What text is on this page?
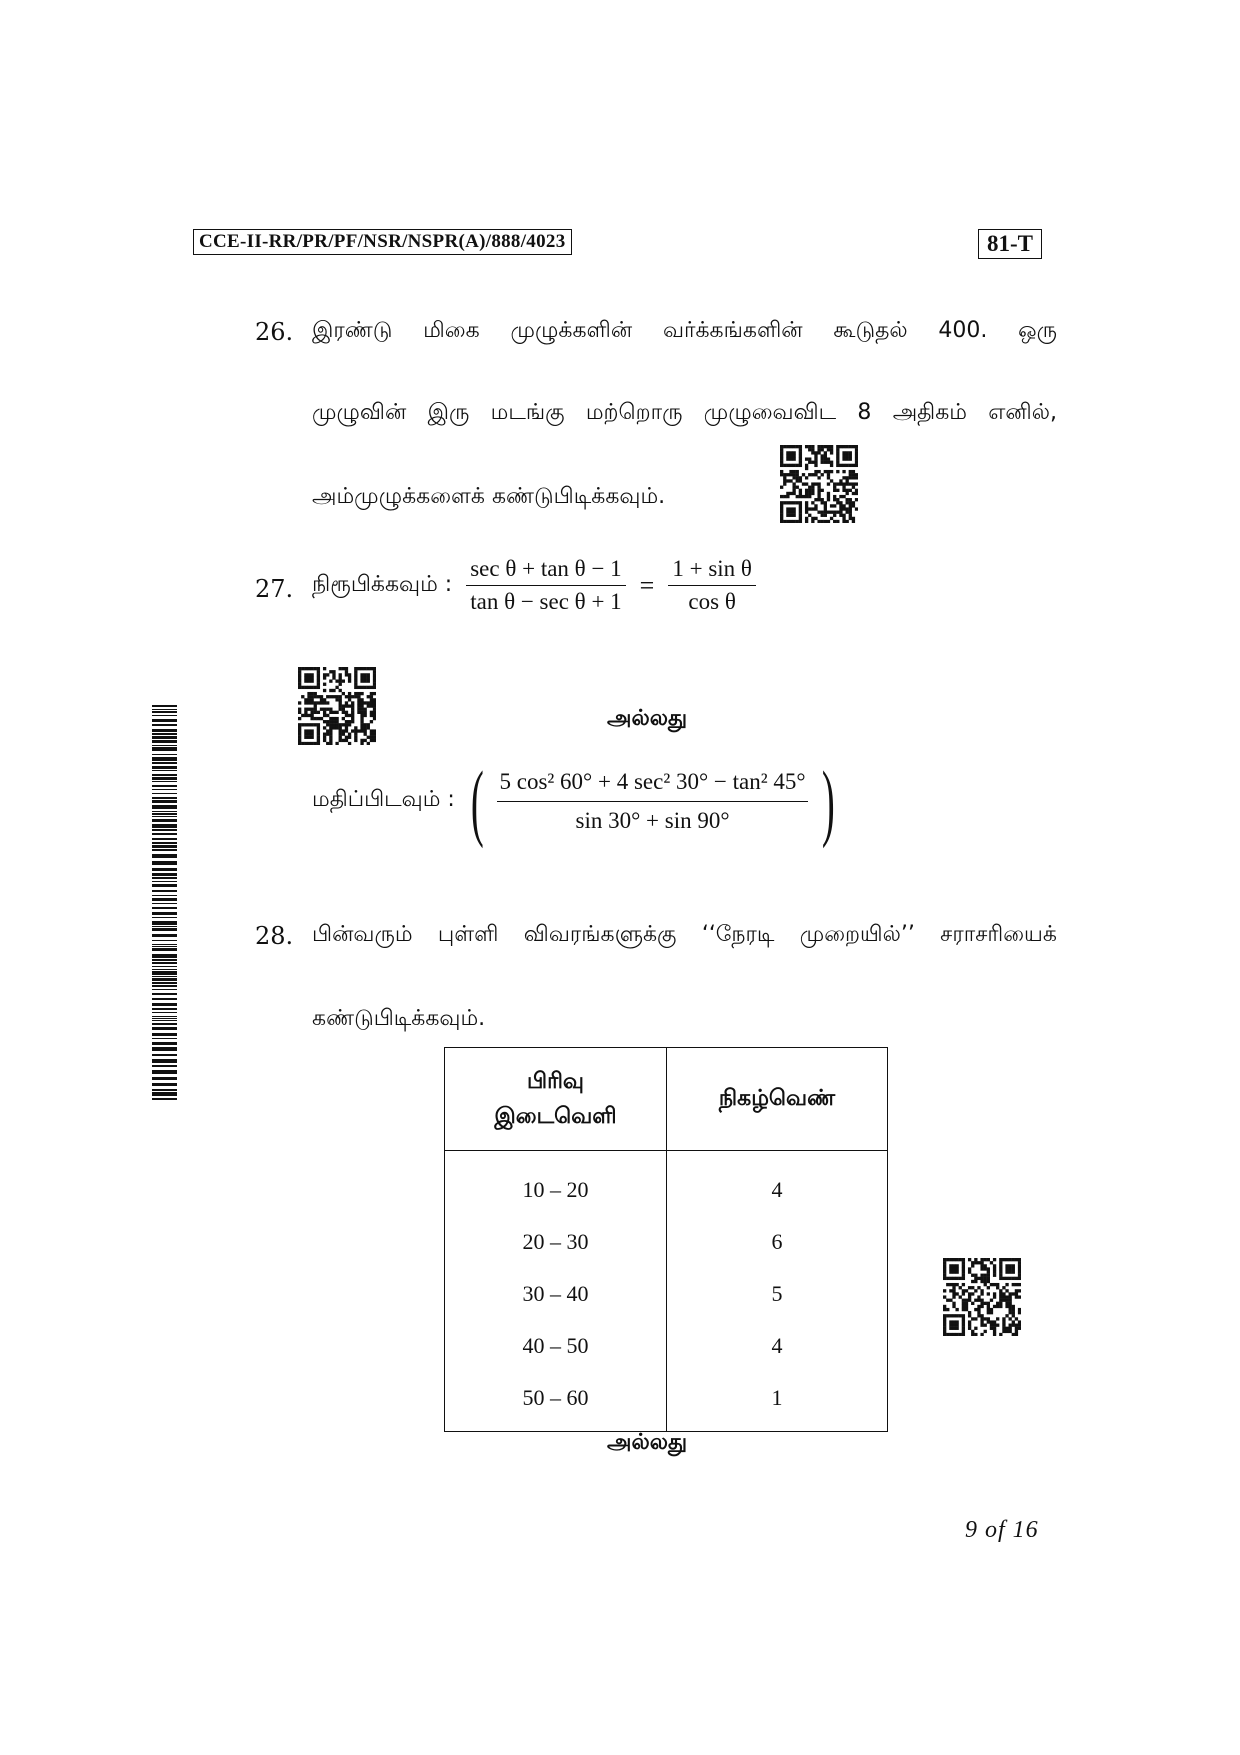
CCE-II-RR/PR/PF/NSR/NSPR(A)/888/4023	81-T
26. இரண்டு மிகை முழுக்களின் வர்க்கங்களின் கூடுதல் 400. ஒரு
முழுவின் இரு மடங்கு மற்றொரு முழுவைவிட 8 அதிகம் எனில்,
அம்முழுக்களைக் கண்டுபிடிக்கவும்.
27. நிரூபிக்கவும் : $\frac{\text{sec θ + tan θ − 1}}{\text{tan θ − sec θ + 1}} = \frac{\text{1 + sin θ}}{\text{cos θ}}$
அல்லது
மதிப்பிடவும் : ( $\frac{\text{5 cos² 60° + 4 sec² 30° − tan² 45°}}{\sin 30^\circ + \sin 90^\circ}$ )
28. பின்வரும் புள்ளி விவரங்களுக்கு ‘‘நேரடி முறையில்’’ சராசரியைக்
கண்டுபிடிக்கவும்.
பிரிவு
இடைவெளி	நிகழ்வெண்
10 – 20	4
20 – 30	6
30 – 40	5
40 – 50	4
50 – 60	1
அல்லது
9 of 16
